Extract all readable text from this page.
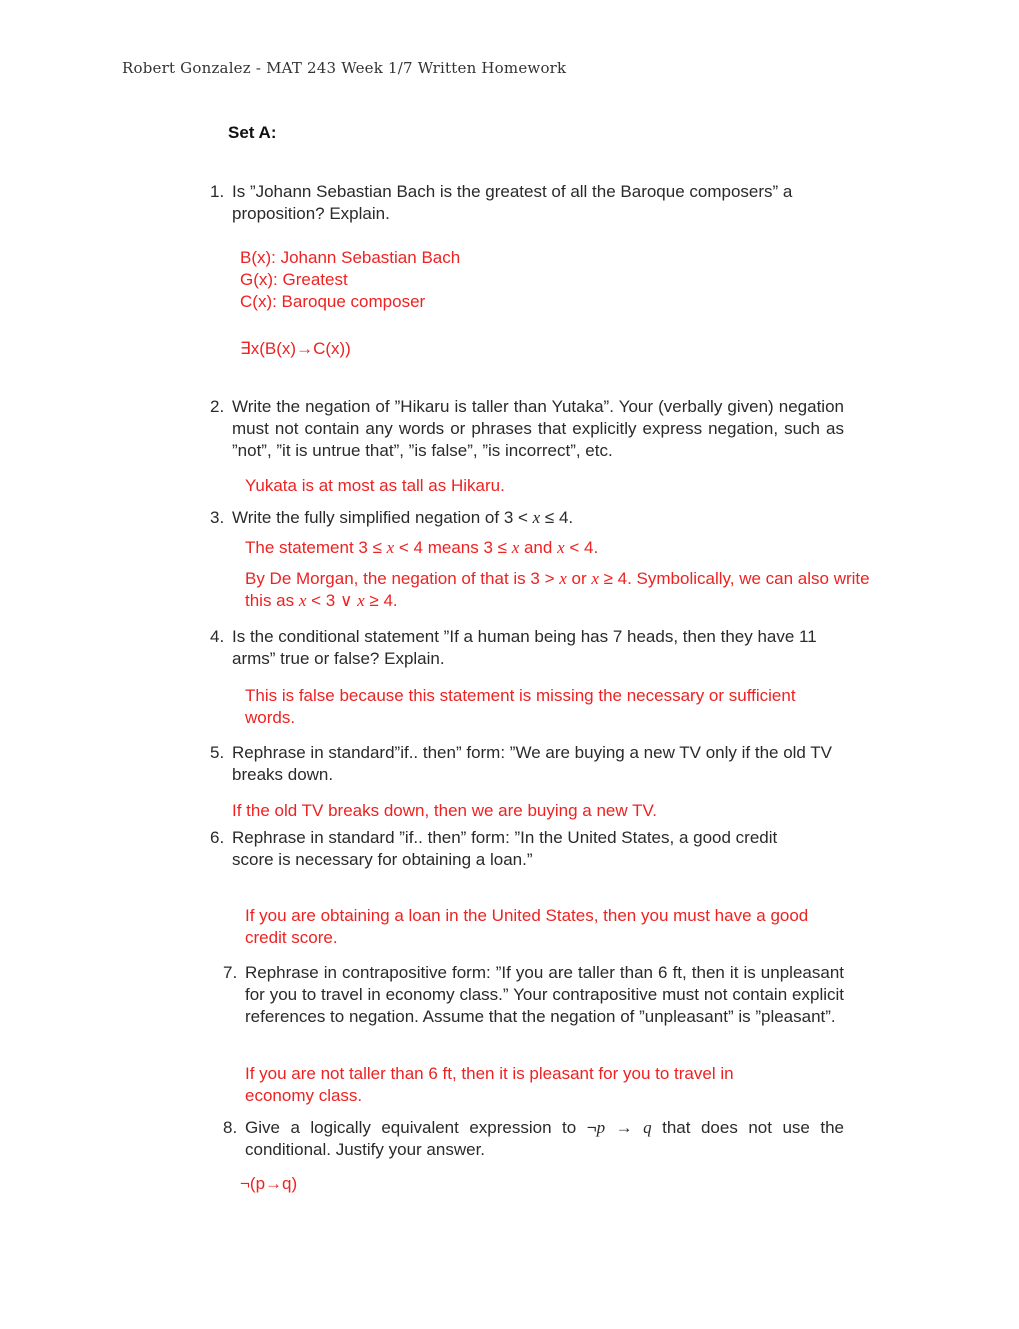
Robert Gonzalez - MAT 243 Week 1/7 Written Homework
Set A:
1. Is ”Johann Sebastian Bach is the greatest of all the Baroque composers” a proposition? Explain.
B(x): Johann Sebastian Bach
G(x): Greatest
C(x): Baroque composer
∃x(B(x)→C(x))
2. Write the negation of ”Hikaru is taller than Yutaka”. Your (verbally given) negation must not contain any words or phrases that explicitly express negation, such as ”not”, ”it is untrue that”, ”is false”, ”is incorrect”, etc.
Yukata is at most as tall as Hikaru.
3. Write the fully simplified negation of 3 < x ≤ 4.
The statement 3 ≤ x < 4 means 3 ≤ x and x < 4.
By De Morgan, the negation of that is 3 > x or x ≥ 4. Symbolically, we can also write this as x < 3 ∨ x ≥ 4.
4. Is the conditional statement ”If a human being has 7 heads, then they have 11 arms” true or false? Explain.
This is false because this statement is missing the necessary or sufficient words.
5. Rephrase in standard”if.. then” form: ”We are buying a new TV only if the old TV breaks down.
If the old TV breaks down, then we are buying a new TV.
6. Rephrase in standard ”if.. then” form: ”In the United States, a good credit score is necessary for obtaining a loan.”
If you are obtaining a loan in the United States, then you must have a good credit score.
7. Rephrase in contrapositive form: ”If you are taller than 6 ft, then it is unpleasant for you to travel in economy class.” Your contrapositive must not contain explicit references to negation. Assume that the negation of ”unpleasant” is ”pleasant”.
If you are not taller than 6 ft, then it is pleasant for you to travel in economy class.
8. Give a logically equivalent expression to ¬p → q that does not use the conditional. Justify your answer.
¬(p→q)
